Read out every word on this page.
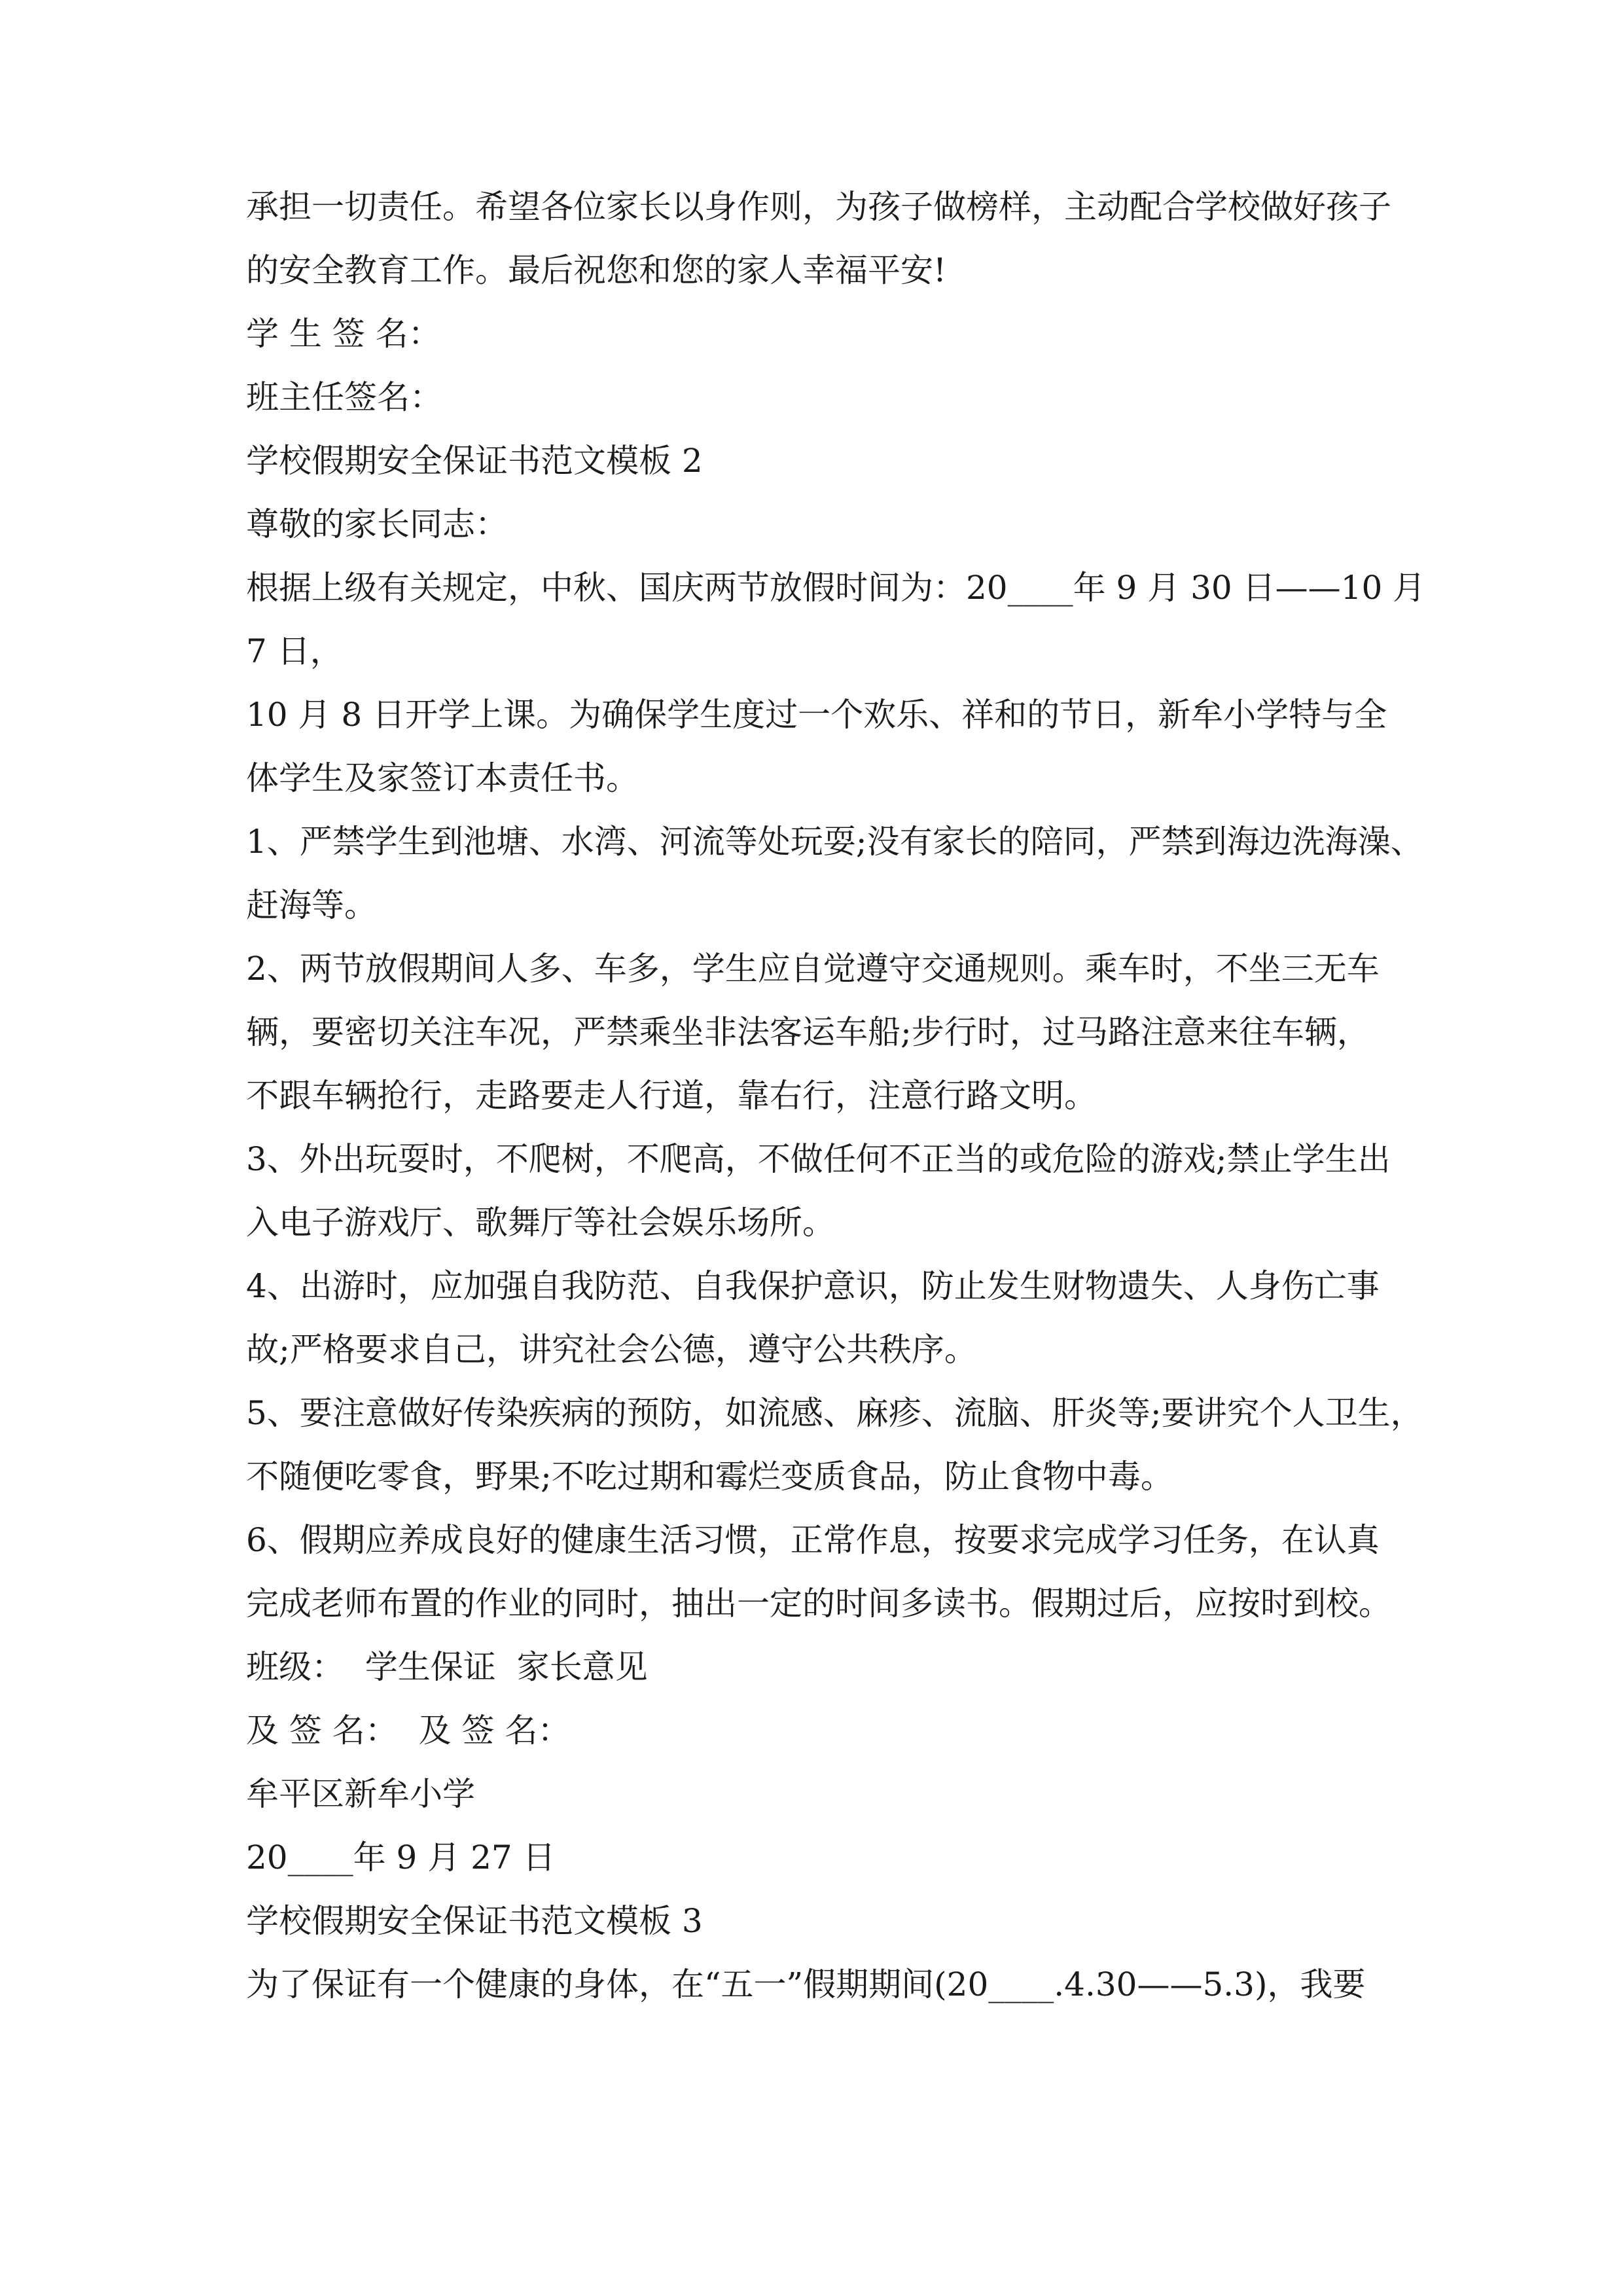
承担一切责任。希望各位家长以身作则，为孩子做榜样，主动配合学校做好孩子
的安全教育工作。最后祝您和您的家人幸福平安!
学 生 签 名：
班主任签名：
学校假期安全保证书范文模板 2
尊敬的家长同志：
根据上级有关规定，中秋、国庆两节放假时间为：20____年 9 月 30 日——10 月
7 日，
10 月 8 日开学上课。为确保学生度过一个欢乐、祥和的节日，新牟小学特与全
体学生及家签订本责任书。
1、严禁学生到池塘、水湾、河流等处玩耍;没有家长的陪同，严禁到海边洗海澡、
赶海等。
2、两节放假期间人多、车多，学生应自觉遵守交通规则。乘车时，不坐三无车
辆，要密切关注车况，严禁乘坐非法客运车船;步行时，过马路注意来往车辆，
不跟车辆抢行，走路要走人行道，靠右行，注意行路文明。
3、外出玩耍时，不爬树，不爬高，不做任何不正当的或危险的游戏;禁止学生出
入电子游戏厅、歌舞厅等社会娱乐场所。
4、出游时，应加强自我防范、自我保护意识，防止发生财物遗失、人身伤亡事
故;严格要求自己，讲究社会公德，遵守公共秩序。
5、要注意做好传染疾病的预防，如流感、麻疹、流脑、肝炎等;要讲究个人卫生，
不随便吃零食，野果;不吃过期和霉烂变质食品，防止食物中毒。
6、假期应养成良好的健康生活习惯，正常作息，按要求完成学习任务，在认真
完成老师布置的作业的同时，抽出一定的时间多读书。假期过后，应按时到校。
班级：  学生保证  家长意见
及 签 名：  及 签 名：
牟平区新牟小学
20____年 9 月 27 日
学校假期安全保证书范文模板 3
为了保证有一个健康的身体，在“五一”假期期间(20____.4.30——5.3)，我要
